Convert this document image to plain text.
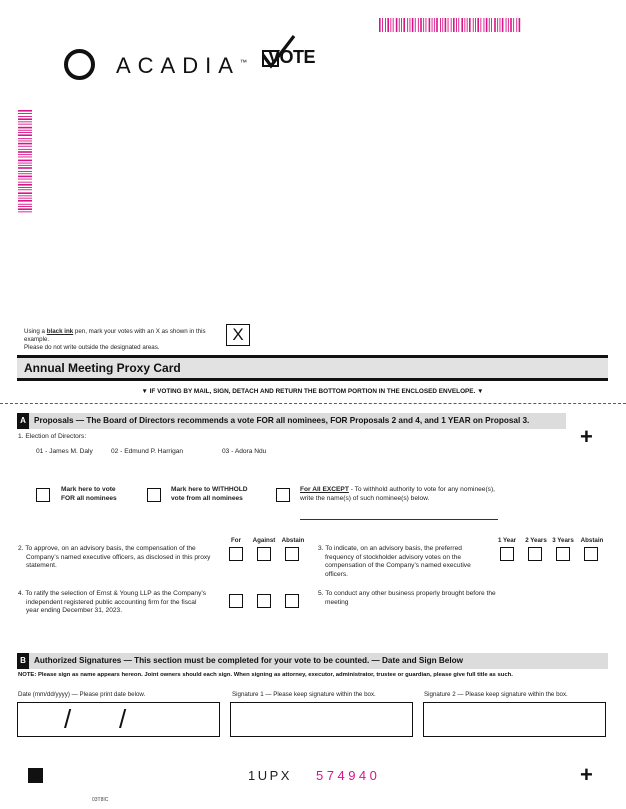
ACADIA™ VOTE
Using a black ink pen, mark your votes with an X as shown in this example.
Please do not write outside the designated areas.
X
Annual Meeting Proxy Card
▼ IF VOTING BY MAIL, SIGN, DETACH AND RETURN THE BOTTOM PORTION IN THE ENCLOSED ENVELOPE. ▼
A Proposals — The Board of Directors recommends a vote FOR all nominees, FOR Proposals 2 and 4, and 1 YEAR on Proposal 3.
+
1. Election of Directors:
01 - James M. Daly	02 - Edmund P. Harrigan	03 - Adora Ndu
Mark here to vote
FOR all nominees
Mark here to WITHHOLD
vote from all nominees
For All EXCEPT - To withhold authority to vote for any nominee(s),
write the name(s) of such nominee(s) below.
For	Against Abstain	1 Year	2 Years 3 Years	Abstain
2. To approve, on an advisory basis, the compensation of the
Company’s named executive officers, as disclosed in this proxy
statement.
3. To indicate, on an advisory basis, the preferred
frequency of stockholder advisory votes on the
compensation of the Company’s named executive
officers.
4. To ratify the selection of Ernst & Young LLP as the Company’s
independent registered public accounting firm for the fiscal
year ending December 31, 2023.
5. To conduct any other business properly brought before the
meeting
B Authorized Signatures — This section must be completed for your vote to be counted. — Date and Sign Below
NOTE: Please sign as name appears hereon. Joint owners should each sign. When signing as attorney, executor, administrator, trustee or guardian, please give full title as such.
Date (mm/dd/yyyy) — Please print date below.	Signature 1 — Please keep signature within the box.	Signature 2 — Please keep signature within the box.
/ /
1UPX 574940	+
03T8IC
